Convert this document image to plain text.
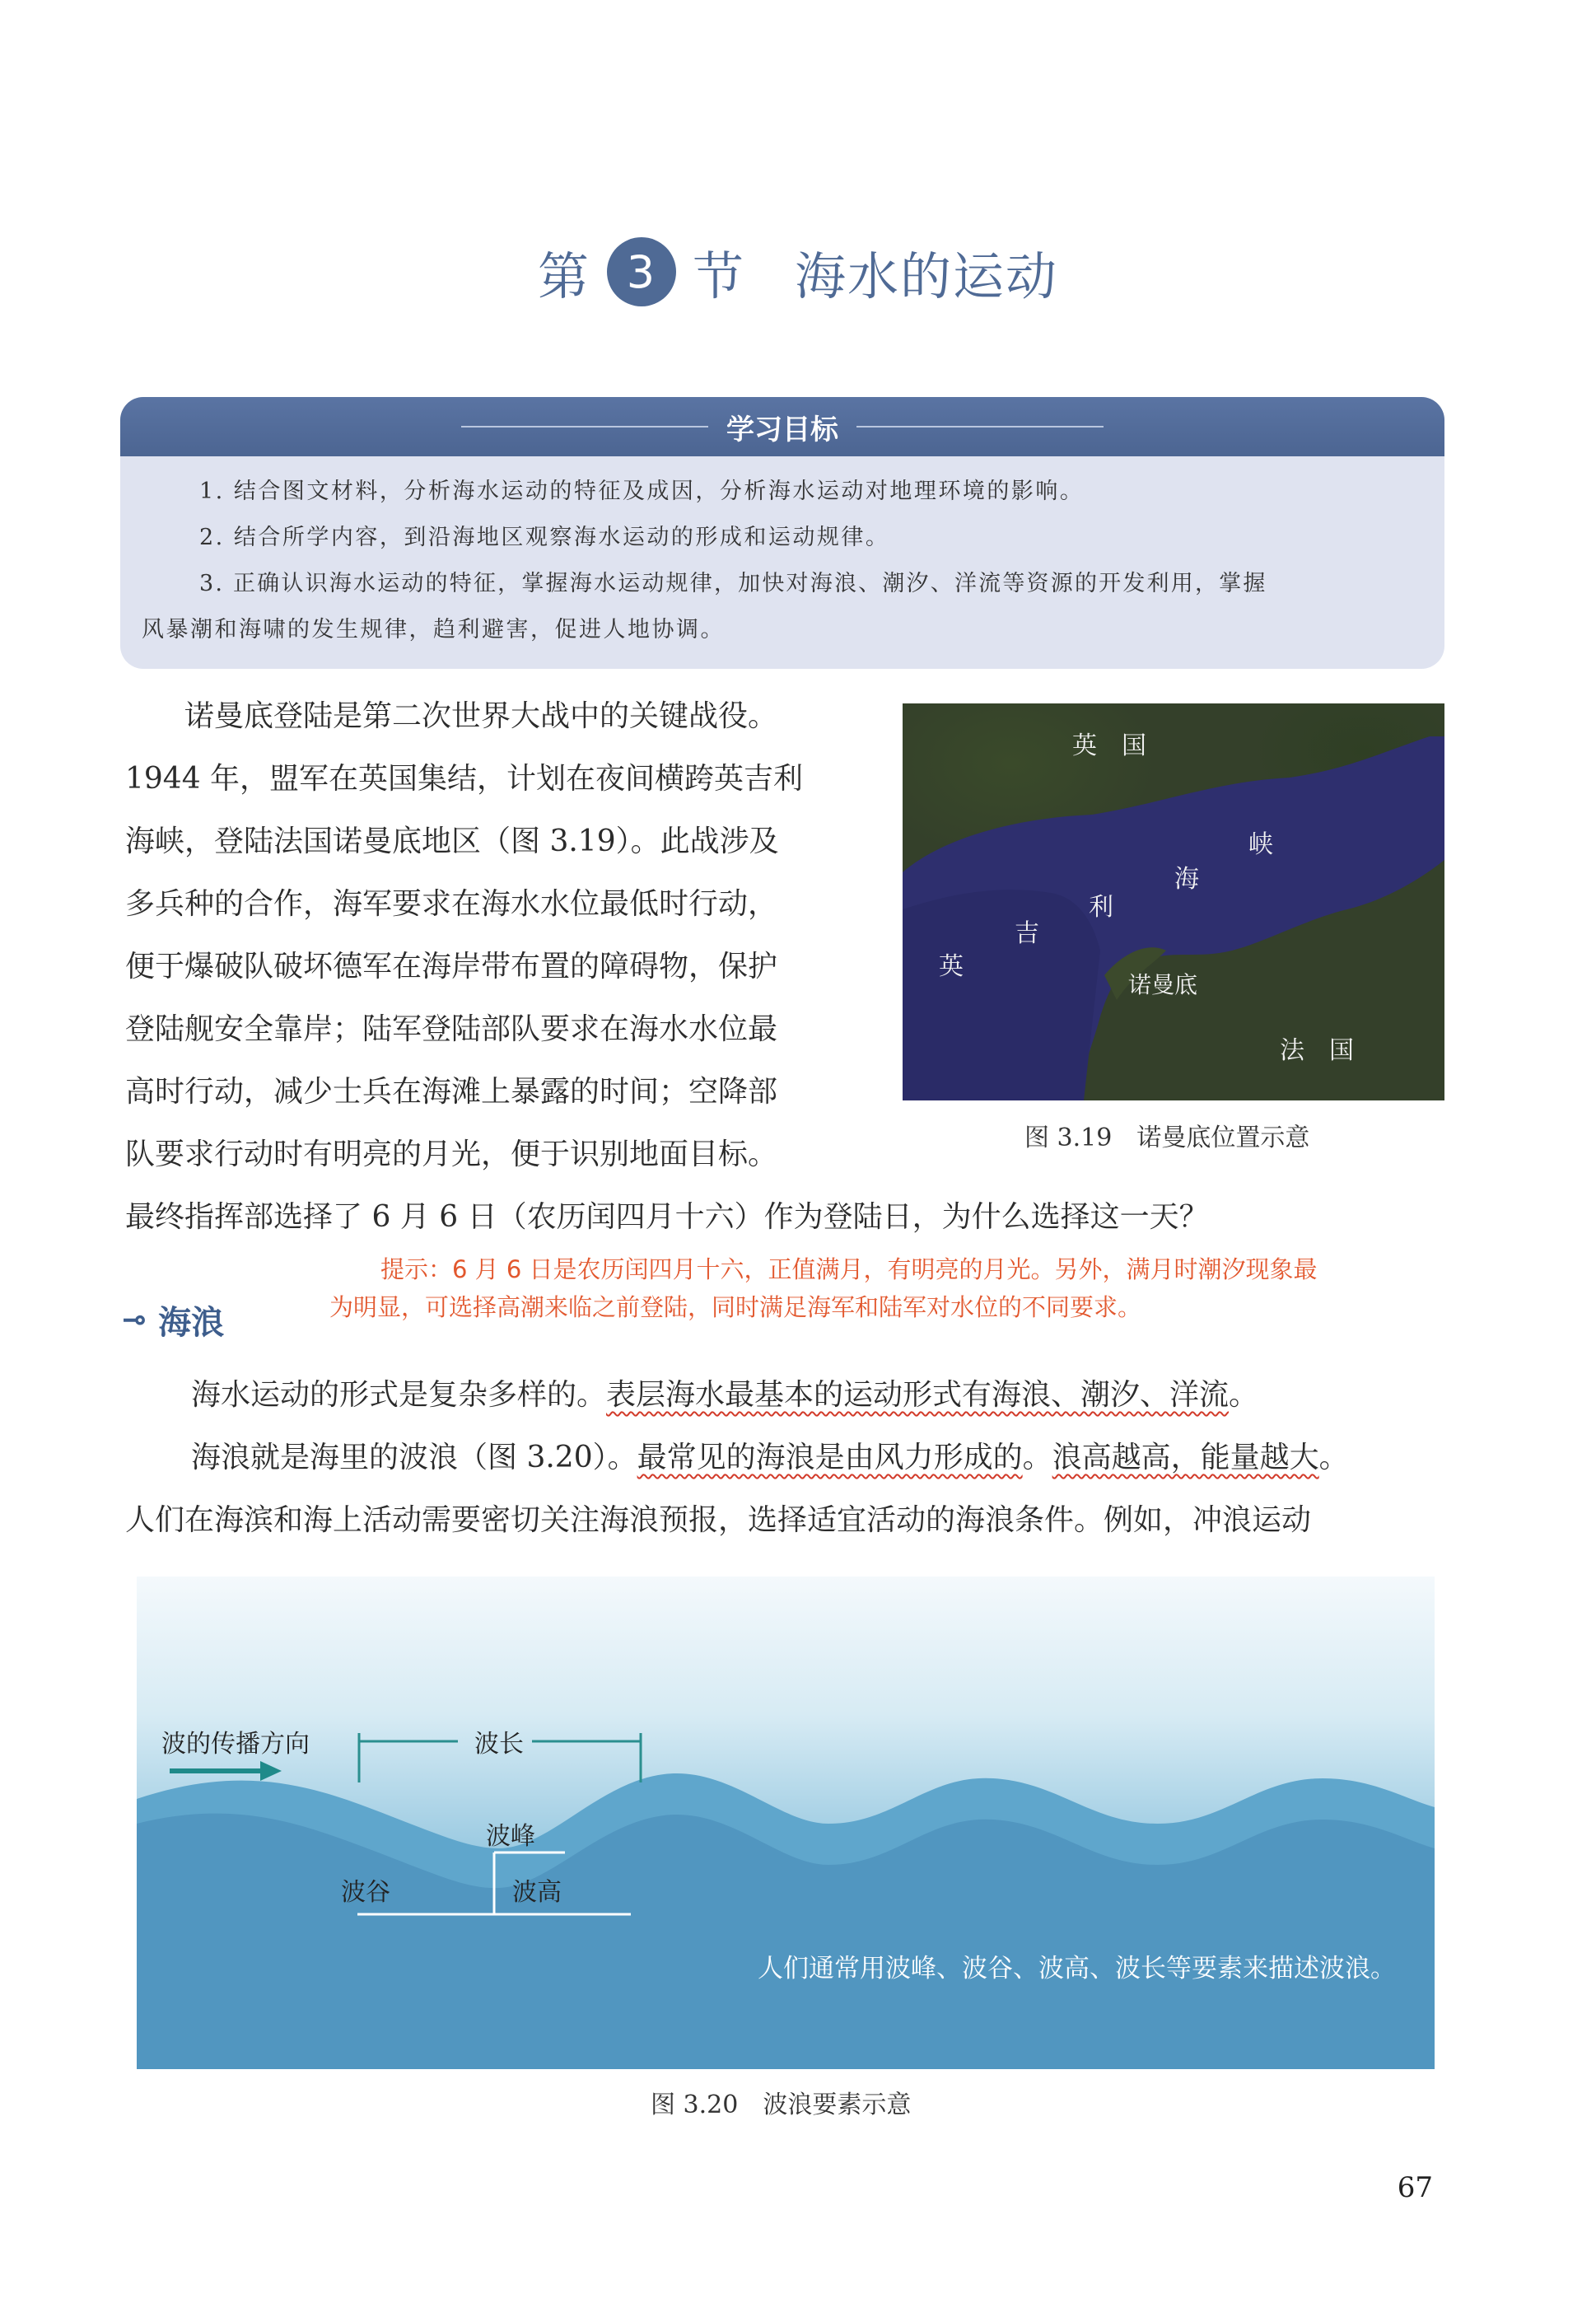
第 3 节 海水的运动
学习目标
1. 结合图文材料，分析海水运动的特征及成因，分析海水运动对地理环境的影响。
2. 结合所学内容，到沿海地区观察海水运动的形成和运动规律。
3. 正确认识海水运动的特征，掌握海水运动规律，加快对海浪、潮汐、洋流等资源的开发利用，掌握
风暴潮和海啸的发生规律，趋利避害，促进人地协调。
诺曼底登陆是第二次世界大战中的关键战役。
1944 年，盟军在英国集结，计划在夜间横跨英吉利
海峡，登陆法国诺曼底地区（图 3.19）。此战涉及
多兵种的合作，海军要求在海水水位最低时行动，
便于爆破队破坏德军在海岸带布置的障碍物，保护
登陆舰安全靠岸；陆军登陆部队要求在海水水位最
高时行动，减少士兵在海滩上暴露的时间；空降部
队要求行动时有明亮的月光，便于识别地面目标。
最终指挥部选择了 6 月 6 日（农历闰四月十六）作为登陆日，为什么选择这一天？
英　国
峡
海
利
吉
英
诺曼底
法　国
图 3.19　诺曼底位置示意
提示：6 月 6 日是农历闰四月十六，正值满月，有明亮的月光。另外，满月时潮汐现象最
为明显，可选择高潮来临之前登陆，同时满足海军和陆军对水位的不同要求。
⊸ 海浪
海水运动的形式是复杂多样的。表层海水最基本的运动形式有海浪、潮汐、洋流。
海浪就是海里的波浪（图 3.20）。最常见的海浪是由风力形成的。浪高越高，能量越大。
人们在海滨和海上活动需要密切关注海浪预报，选择适宜活动的海浪条件。例如，冲浪运动
波的传播方向	波长
波峰
波谷	波高
人们通常用波峰、波谷、波高、波长等要素来描述波浪。
图 3.20　波浪要素示意
67
